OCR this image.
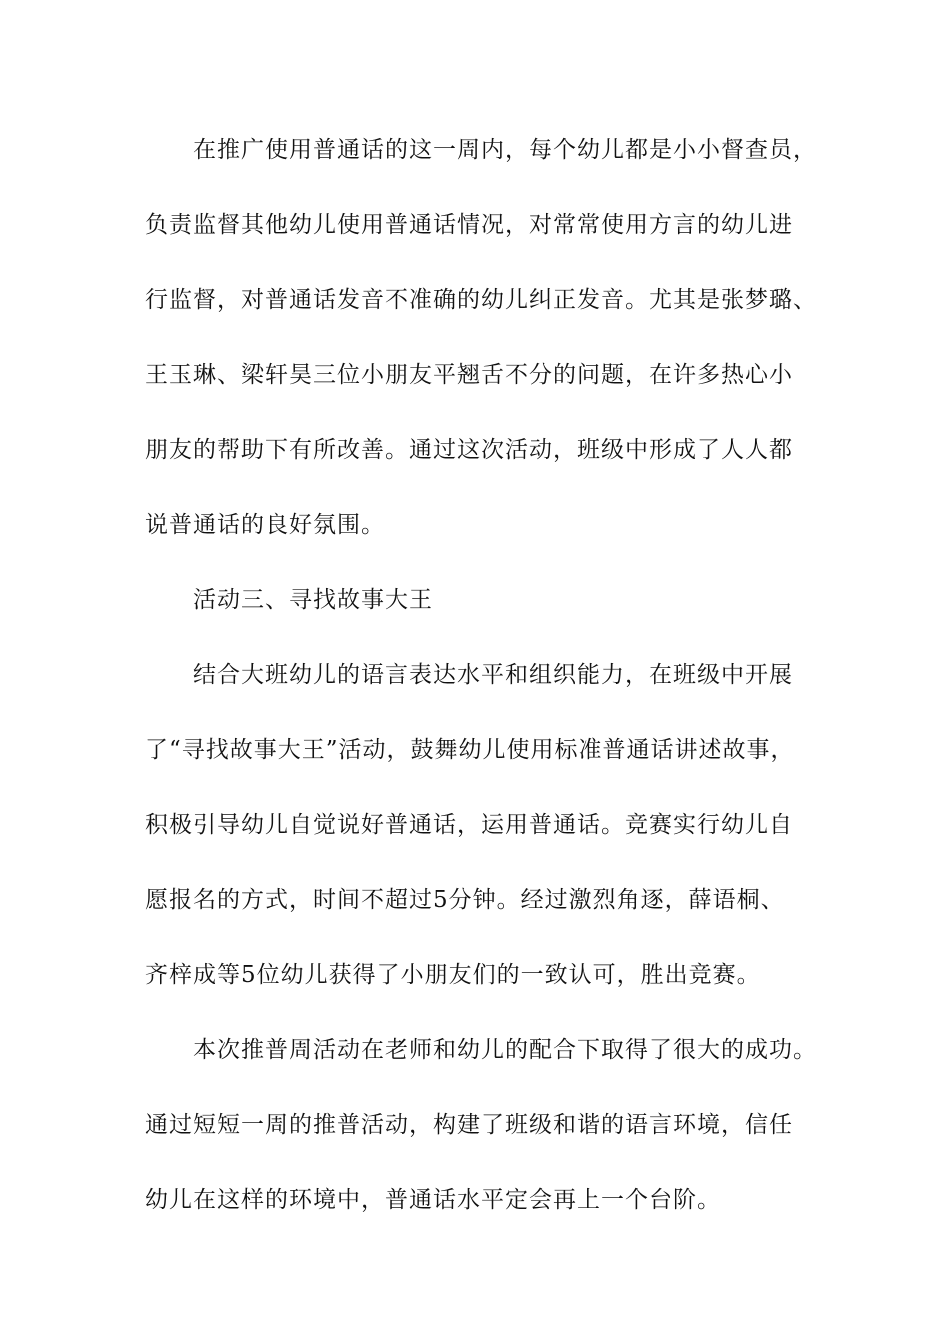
在推广使用普通话的这一周内，每个幼儿都是小小督查员，
负责监督其他幼儿使用普通话情况，对常常使用方言的幼儿进
行监督，对普通话发音不准确的幼儿纠正发音。尤其是张梦璐、
王玉琳、梁轩昊三位小朋友平翘舌不分的问题，在许多热心小
朋友的帮助下有所改善。通过这次活动，班级中形成了人人都
说普通话的良好氛围。
活动三、寻找故事大王
结合大班幼儿的语言表达水平和组织能力，在班级中开展
了“寻找故事大王”活动，鼓舞幼儿使用标准普通话讲述故事，
积极引导幼儿自觉说好普通话，运用普通话。竞赛实行幼儿自
愿报名的方式，时间不超过5分钟。经过激烈角逐，薛语桐、
齐梓成等5位幼儿获得了小朋友们的一致认可，胜出竞赛。
本次推普周活动在老师和幼儿的配合下取得了很大的成功。
通过短短一周的推普活动，构建了班级和谐的语言环境，信任
幼儿在这样的环境中，普通话水平定会再上一个台阶。
